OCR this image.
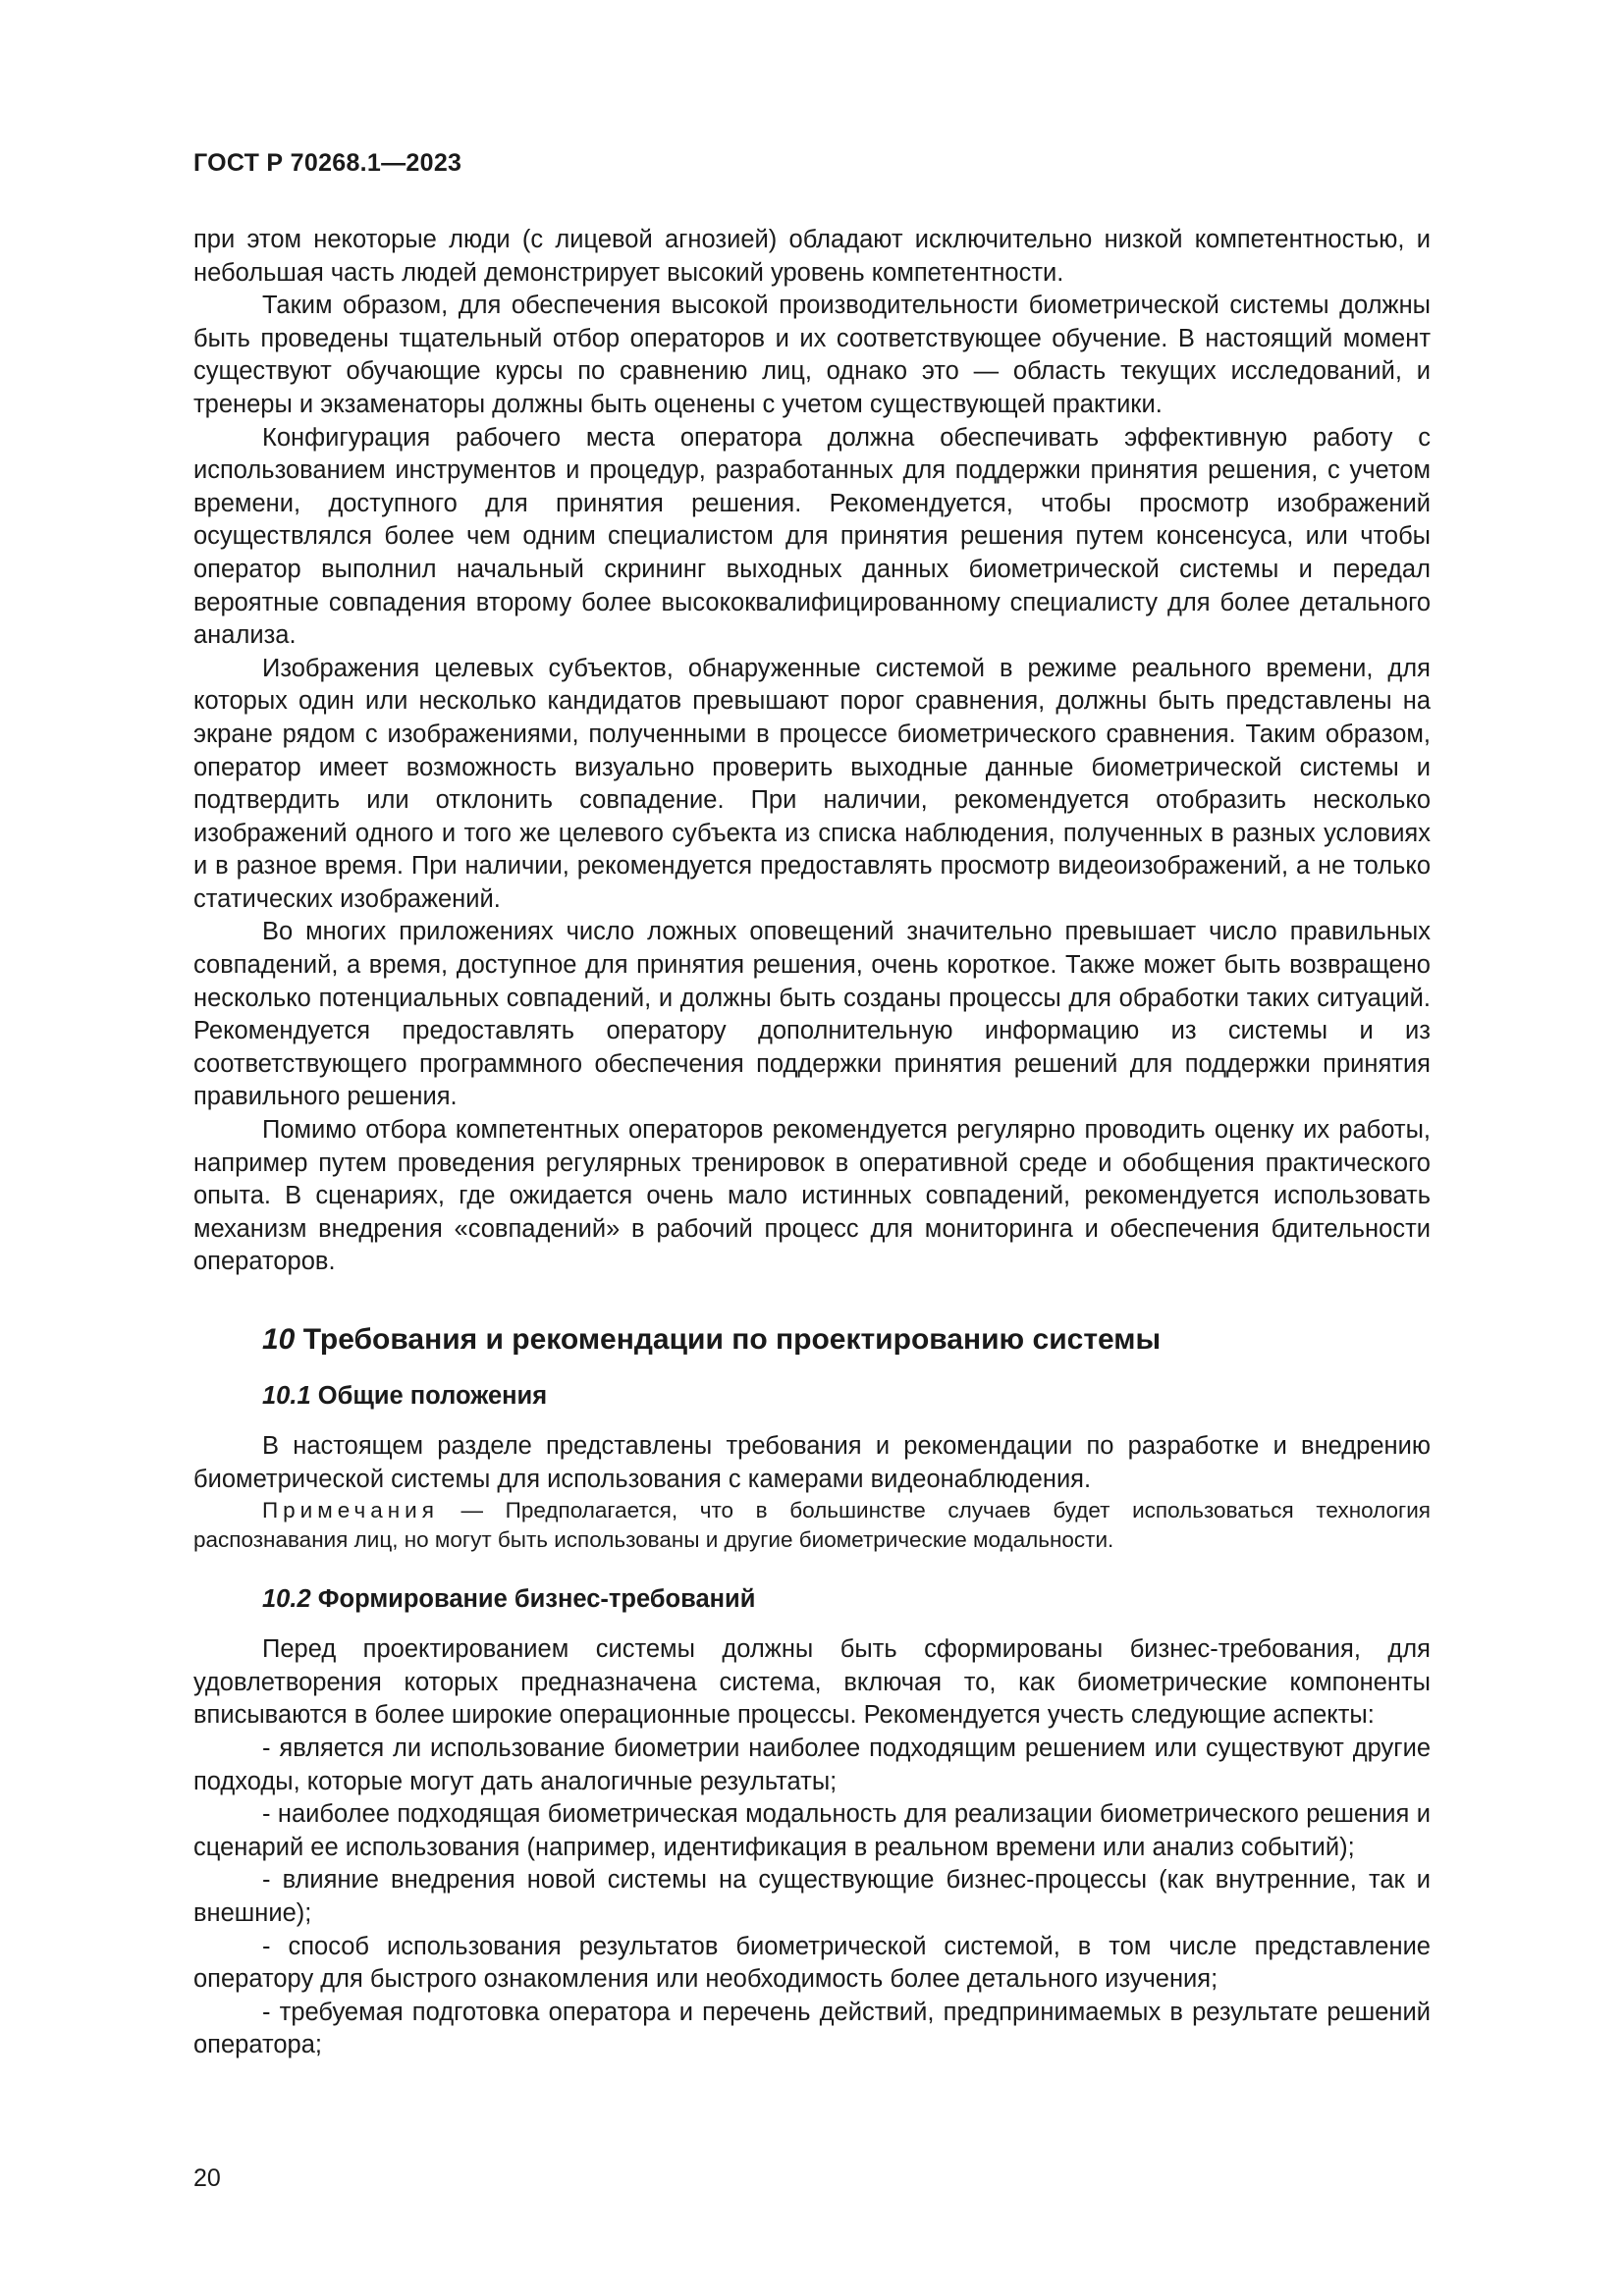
ГОСТ Р 70268.1—2023

при этом некоторые люди (с лицевой агнозией) обладают исключительно низкой компетентностью, и небольшая часть людей демонстрирует высокий уровень компетентности.

Таким образом, для обеспечения высокой производительности биометрической системы должны быть проведены тщательный отбор операторов и их соответствующее обучение. В настоящий момент существуют обучающие курсы по сравнению лиц, однако это — область текущих исследований, и тренеры и экзаменаторы должны быть оценены с учетом существующей практики.

Конфигурация рабочего места оператора должна обеспечивать эффективную работу с использованием инструментов и процедур, разработанных для поддержки принятия решения, с учетом времени, доступного для принятия решения. Рекомендуется, чтобы просмотр изображений осуществлялся более чем одним специалистом для принятия решения путем консенсуса, или чтобы оператор выполнил начальный скрининг выходных данных биометрической системы и передал вероятные совпадения второму более высококвалифицированному специалисту для более детального анализа.

Изображения целевых субъектов, обнаруженные системой в режиме реального времени, для которых один или несколько кандидатов превышают порог сравнения, должны быть представлены на экране рядом с изображениями, полученными в процессе биометрического сравнения. Таким образом, оператор имеет возможность визуально проверить выходные данные биометрической системы и подтвердить или отклонить совпадение. При наличии, рекомендуется отобразить несколько изображений одного и того же целевого субъекта из списка наблюдения, полученных в разных условиях и в разное время. При наличии, рекомендуется предоставлять просмотр видеоизображений, а не только статических изображений.

Во многих приложениях число ложных оповещений значительно превышает число правильных совпадений, а время, доступное для принятия решения, очень короткое. Также может быть возвращено несколько потенциальных совпадений, и должны быть созданы процессы для обработки таких ситуаций. Рекомендуется предоставлять оператору дополнительную информацию из системы и из соответствующего программного обеспечения поддержки принятия решений для поддержки принятия правильного решения.

Помимо отбора компетентных операторов рекомендуется регулярно проводить оценку их работы, например путем проведения регулярных тренировок в оперативной среде и обобщения практического опыта. В сценариях, где ожидается очень мало истинных совпадений, рекомендуется использовать механизм внедрения «совпадений» в рабочий процесс для мониторинга и обеспечения бдительности операторов.

10 Требования и рекомендации по проектированию системы
10.1 Общие положения

В настоящем разделе представлены требования и рекомендации по разработке и внедрению биометрической системы для использования с камерами видеонаблюдения.

Примечания — Предполагается, что в большинстве случаев будет использоваться технология распознавания лиц, но могут быть использованы и другие биометрические модальности.

10.2 Формирование бизнес-требований

Перед проектированием системы должны быть сформированы бизнес-требования, для удовлетворения которых предназначена система, включая то, как биометрические компоненты вписываются в более широкие операционные процессы. Рекомендуется учесть следующие аспекты:

- является ли использование биометрии наиболее подходящим решением или существуют другие подходы, которые могут дать аналогичные результаты;

- наиболее подходящая биометрическая модальность для реализации биометрического решения и сценарий ее использования (например, идентификация в реальном времени или анализ событий);

- влияние внедрения новой системы на существующие бизнес-процессы (как внутренние, так и внешние);

- способ использования результатов биометрической системой, в том числе представление оператору для быстрого ознакомления или необходимость более детального изучения;

- требуемая подготовка оператора и перечень действий, предпринимаемых в результате решений оператора;

20
